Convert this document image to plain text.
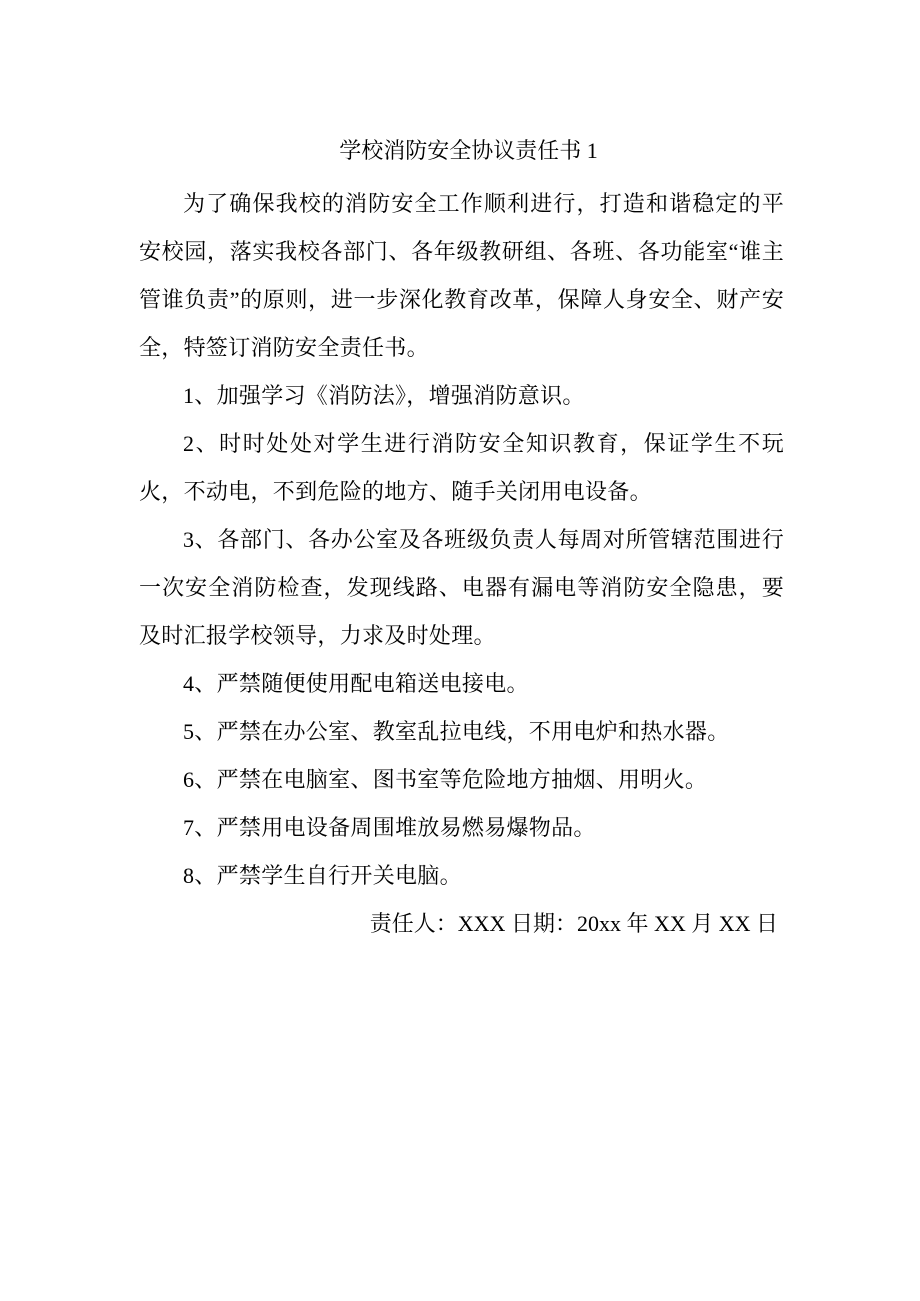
学校消防安全协议责任书 1

为了确保我校的消防安全工作顺利进行，打造和谐稳定的平安校园，落实我校各部门、各年级教研组、各班、各功能室“谁主管谁负责”的原则，进一步深化教育改革，保障人身安全、财产安全，特签订消防安全责任书。

1、加强学习《消防法》，增强消防意识。

2、时时处处对学生进行消防安全知识教育，保证学生不玩火，不动电，不到危险的地方、随手关闭用电设备。

3、各部门、各办公室及各班级负责人每周对所管辖范围进行一次安全消防检查，发现线路、电器有漏电等消防安全隐患，要及时汇报学校领导，力求及时处理。

4、严禁随便使用配电箱送电接电。

5、严禁在办公室、教室乱拉电线，不用电炉和热水器。

6、严禁在电脑室、图书室等危险地方抽烟、用明火。

7、严禁用电设备周围堆放易燃易爆物品。

8、严禁学生自行开关电脑。

责任人：XXX 日期：20xx 年 XX 月 XX 日
